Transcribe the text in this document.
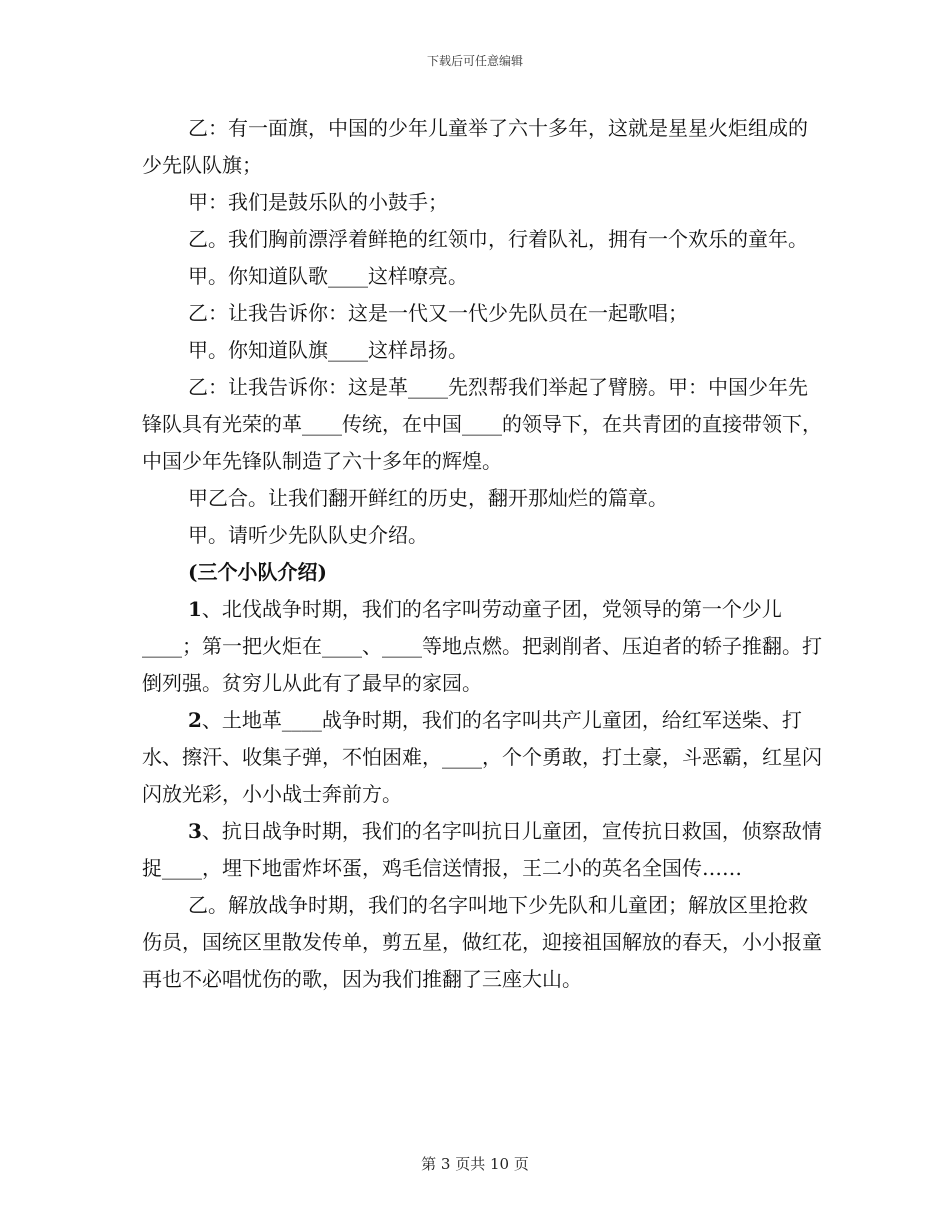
下载后可任意编辑

乙：有一面旗，中国的少年儿童举了六十多年，这就是星星火炬组成的少先队队旗；

甲：我们是鼓乐队的小鼓手；

乙。我们胸前漂浮着鲜艳的红领巾，行着队礼，拥有一个欢乐的童年。

甲。你知道队歌____这样嘹亮。

乙：让我告诉你：这是一代又一代少先队员在一起歌唱；

甲。你知道队旗____这样昂扬。

乙：让我告诉你：这是革____先烈帮我们举起了臂膀。甲：中国少年先锋队具有光荣的革____传统，在中国____的领导下，在共青团的直接带领下，中国少年先锋队制造了六十多年的辉煌。

甲乙合。让我们翻开鲜红的历史，翻开那灿烂的篇章。

甲。请听少先队队史介绍。

(三个小队介绍)

1、北伐战争时期，我们的名字叫劳动童子团，党领导的第一个少儿____；第一把火炬在____、____等地点燃。把剥削者、压迫者的轿子推翻。打倒列强。贫穷儿从此有了最早的家园。

2、土地革____战争时期，我们的名字叫共产儿童团，给红军送柴、打水、擦汗、收集子弹，不怕困难，____，个个勇敢，打土豪，斗恶霸，红星闪闪放光彩，小小战士奔前方。

3、抗日战争时期，我们的名字叫抗日儿童团，宣传抗日救国，侦察敌情捉____，埋下地雷炸坏蛋，鸡毛信送情报，王二小的英名全国传……

乙。解放战争时期，我们的名字叫地下少先队和儿童团；解放区里抢救伤员，国统区里散发传单，剪五星，做红花，迎接祖国解放的春天，小小报童再也不必唱忧伤的歌，因为我们推翻了三座大山。

第 3 页共 10 页
